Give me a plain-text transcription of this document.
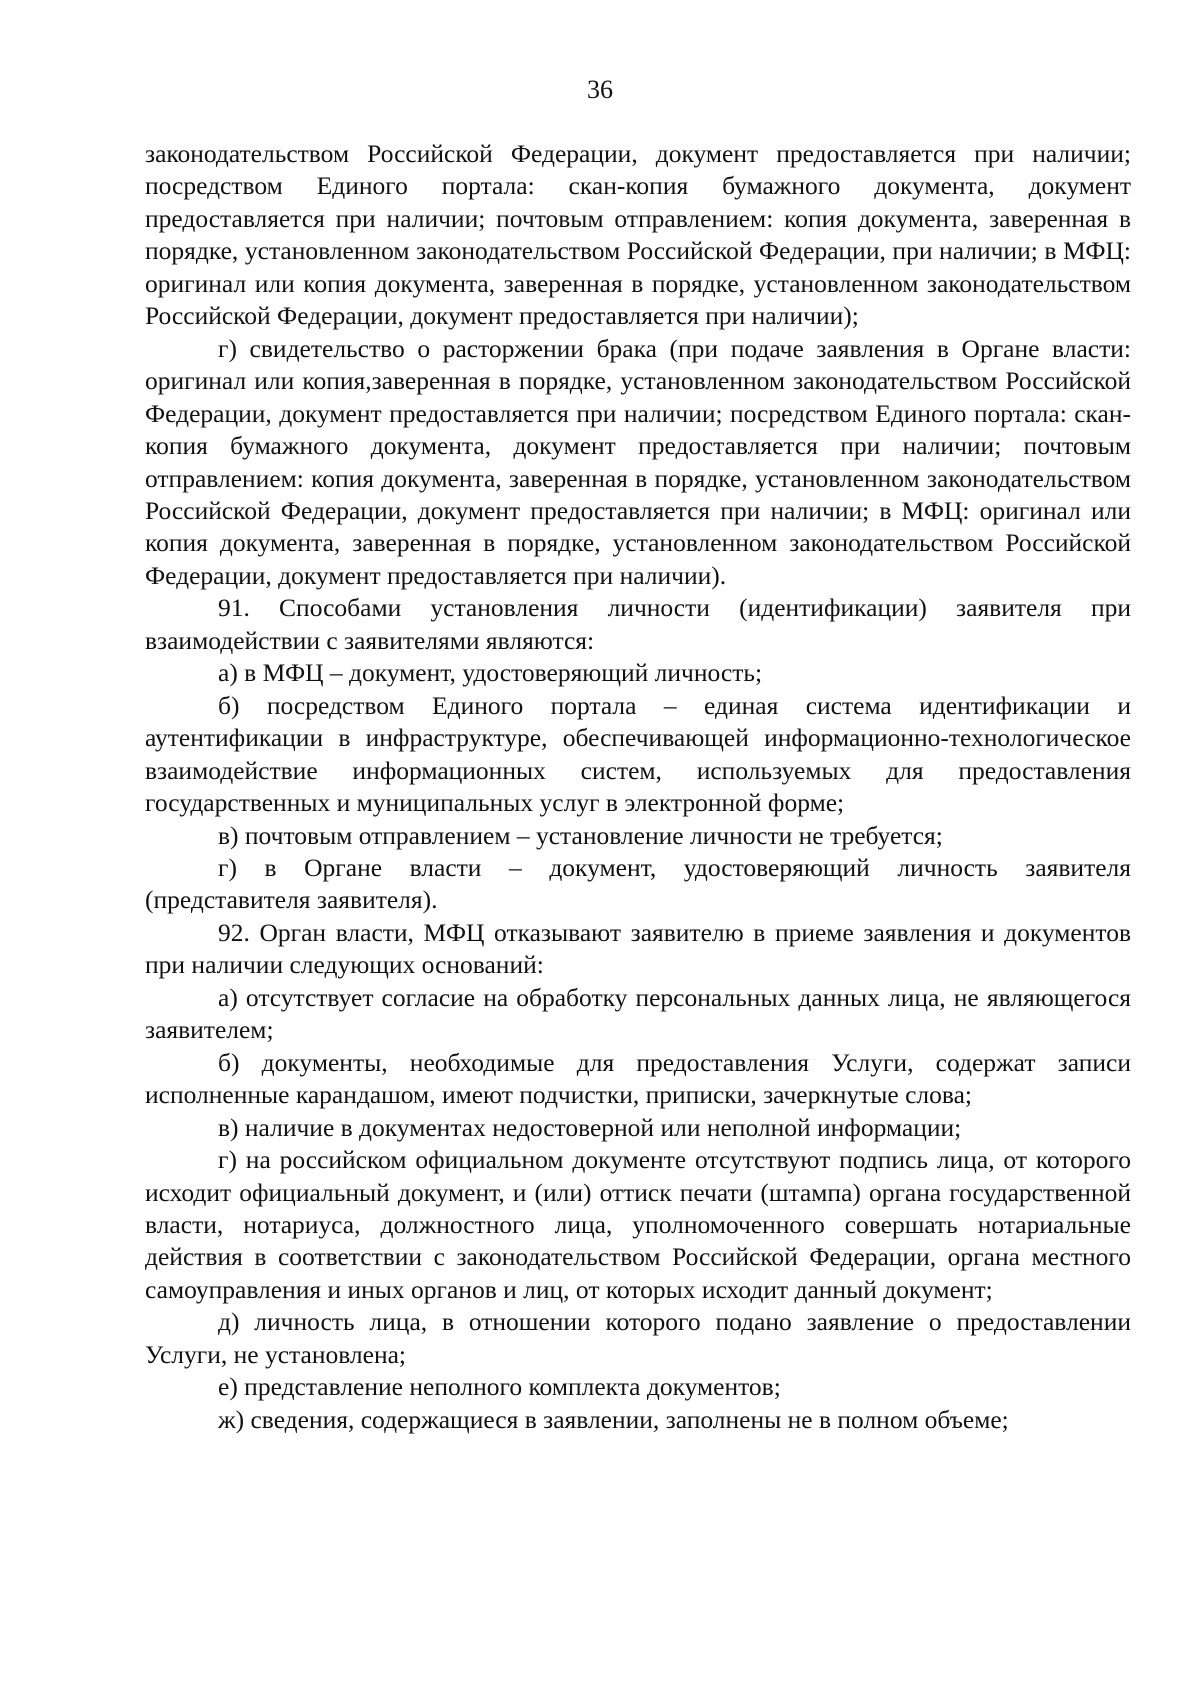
36

законодательством Российской Федерации, документ предоставляется при наличии; посредством Единого портала: скан-копия бумажного документа, документ предоставляется при наличии; почтовым отправлением: копия документа, заверенная в порядке, установленном законодательством Российской Федерации, при наличии; в МФЦ: оригинал или копия документа, заверенная в порядке, установленном законодательством Российской Федерации, документ предоставляется при наличии);

г) свидетельство о расторжении брака (при подаче заявления в Органе власти: оригинал или копия,заверенная в порядке, установленном законодательством Российской Федерации, документ предоставляется при наличии; посредством Единого портала: скан-копия бумажного документа, документ предоставляется при наличии; почтовым отправлением: копия документа, заверенная в порядке, установленном законодательством Российской Федерации, документ предоставляется при наличии; в МФЦ: оригинал или копия документа, заверенная в порядке, установленном законодательством Российской Федерации, документ предоставляется при наличии).

91. Способами установления личности (идентификации) заявителя при взаимодействии с заявителями являются:

а) в МФЦ – документ, удостоверяющий личность;

б) посредством Единого портала – единая система идентификации и аутентификации в инфраструктуре, обеспечивающей информационно-технологическое взаимодействие информационных систем, используемых для предоставления государственных и муниципальных услуг в электронной форме;

в) почтовым отправлением – установление личности не требуется;

г) в Органе власти – документ, удостоверяющий личность заявителя (представителя заявителя).

92. Орган власти, МФЦ отказывают заявителю в приеме заявления и документов при наличии следующих оснований:

а) отсутствует согласие на обработку персональных данных лица, не являющегося заявителем;

б) документы, необходимые для предоставления Услуги, содержат записи исполненные карандашом, имеют подчистки, приписки, зачеркнутые слова;

в) наличие в документах недостоверной или неполной информации;

г) на российском официальном документе отсутствуют подпись лица, от которого исходит официальный документ, и (или) оттиск печати (штампа) органа государственной власти, нотариуса, должностного лица, уполномоченного совершать нотариальные действия в соответствии с законодательством Российской Федерации, органа местного самоуправления и иных органов и лиц, от которых исходит данный документ;

д) личность лица, в отношении которого подано заявление о предоставлении Услуги, не установлена;

е) представление неполного комплекта документов;

ж) сведения, содержащиеся в заявлении, заполнены не в полном объеме;
